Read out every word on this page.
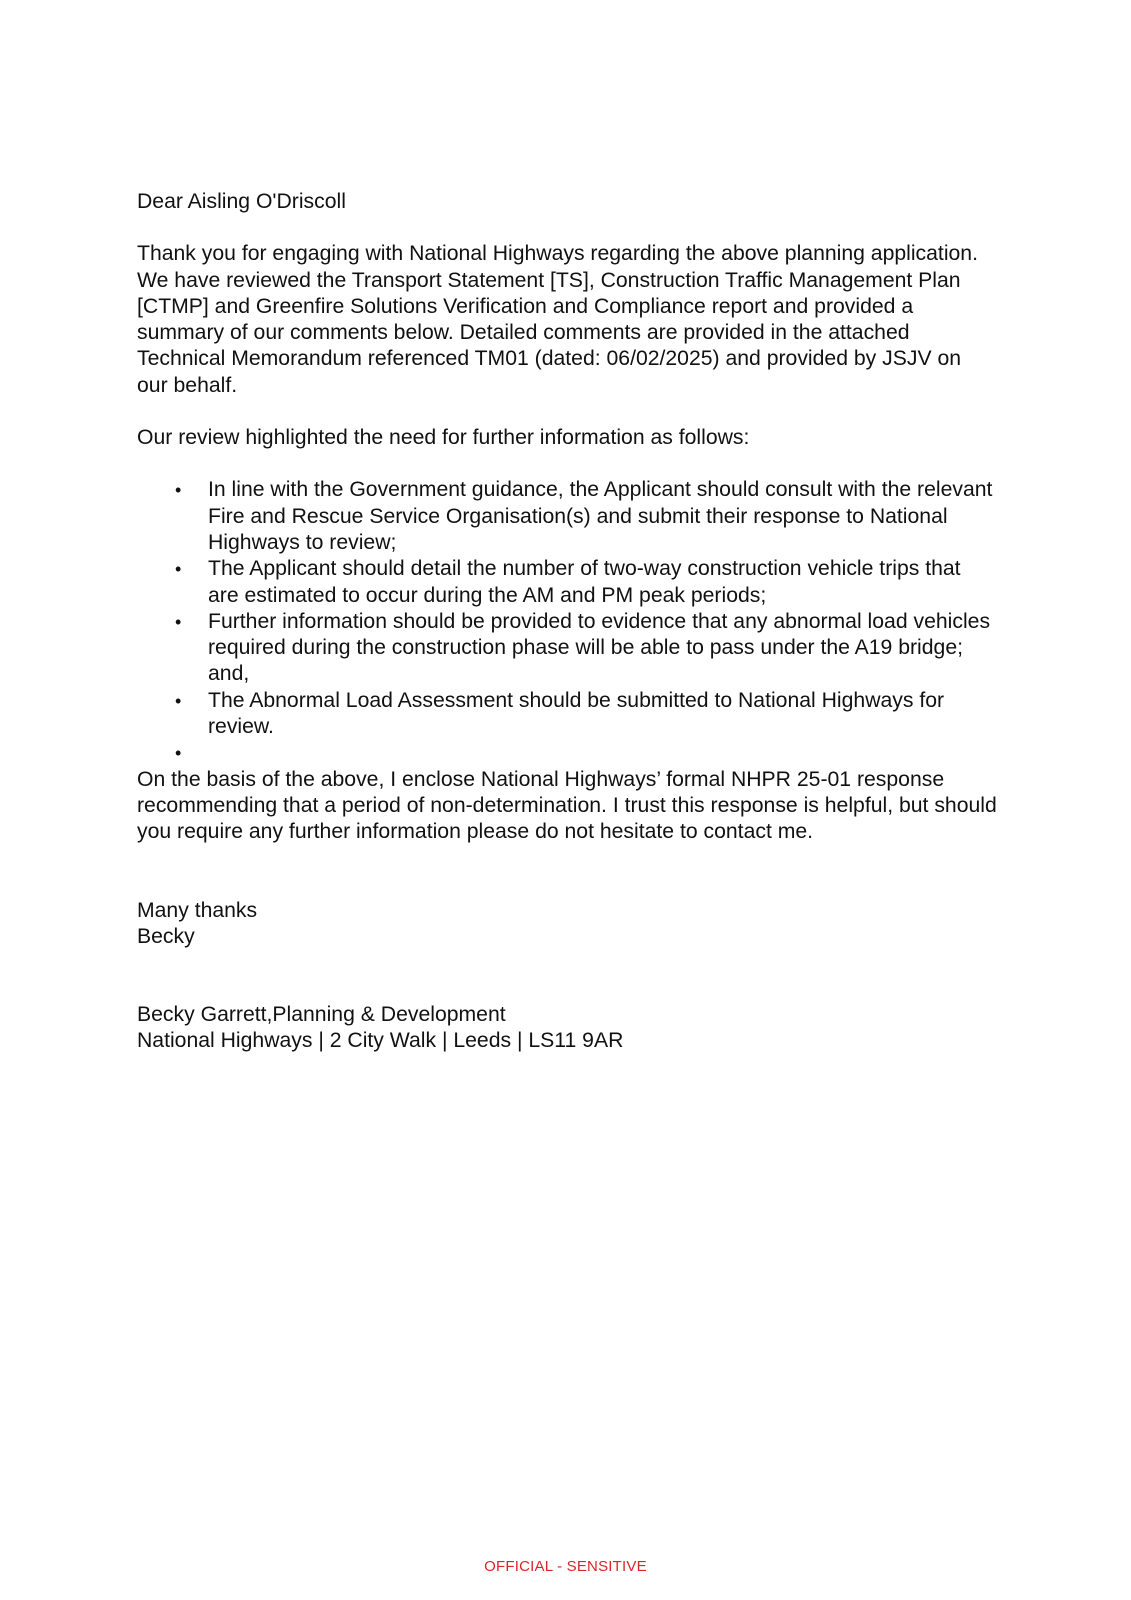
Dear Aisling O'Driscoll

Thank you for engaging with National Highways regarding the above planning application. We have reviewed the Transport Statement [TS], Construction Traffic Management Plan [CTMP] and Greenfire Solutions Verification and Compliance report and provided a summary of our comments below. Detailed comments are provided in the attached Technical Memorandum referenced TM01 (dated: 06/02/2025) and provided by JSJV on our behalf.

Our review highlighted the need for further information as follows:

• In line with the Government guidance, the Applicant should consult with the relevant Fire and Rescue Service Organisation(s) and submit their response to National Highways to review;
• The Applicant should detail the number of two-way construction vehicle trips that are estimated to occur during the AM and PM peak periods;
• Further information should be provided to evidence that any abnormal load vehicles required during the construction phase will be able to pass under the A19 bridge; and,
• The Abnormal Load Assessment should be submitted to National Highways for review.
•

On the basis of the above, I enclose National Highways’ formal NHPR 25-01 response recommending that a period of non-determination. I trust this response is helpful, but should you require any further information please do not hesitate to contact me.

Many thanks

Becky

Becky Garrett,Planning & Development

National Highways | 2 City Walk | Leeds | LS11 9AR

OFFICIAL - SENSITIVE
